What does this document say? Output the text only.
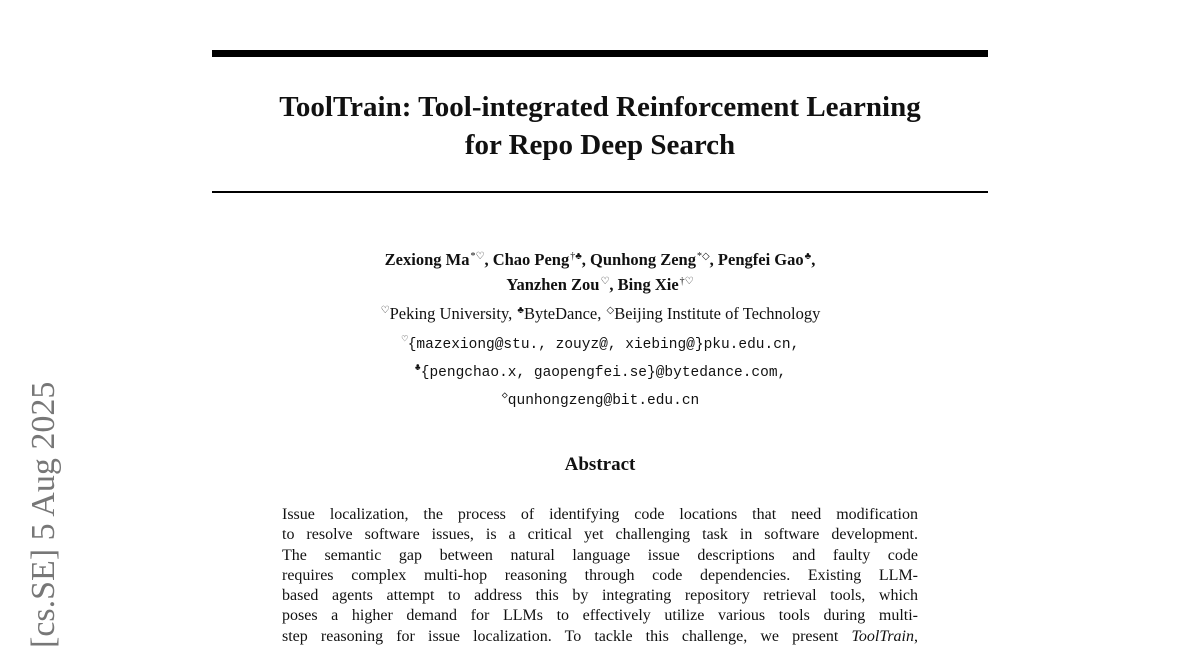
[cs.SE] 5 Aug 2025
ToolTrain: Tool-integrated Reinforcement Learning
for Repo Deep Search
Zexiong Ma*♡, Chao Peng†♣, Qunhong Zeng*◇, Pengfei Gao♣,
Yanzhen Zou♡, Bing Xie†♡
♡Peking University, ♣ByteDance, ◇Beijing Institute of Technology
♡{mazexiong@stu., zouyz@, xiebing@}pku.edu.cn,
♣{pengchao.x, gaopengfei.se}@bytedance.com,
◇qunhongzeng@bit.edu.cn
Abstract
Issue localization, the process of identifying code locations that need modification
to resolve software issues, is a critical yet challenging task in software development.
The semantic gap between natural language issue descriptions and faulty code
requires complex multi-hop reasoning through code dependencies. Existing LLM-
based agents attempt to address this by integrating repository retrieval tools, which
poses a higher demand for LLMs to effectively utilize various tools during multi-
step reasoning for issue localization. To tackle this challenge, we present ToolTrain,
